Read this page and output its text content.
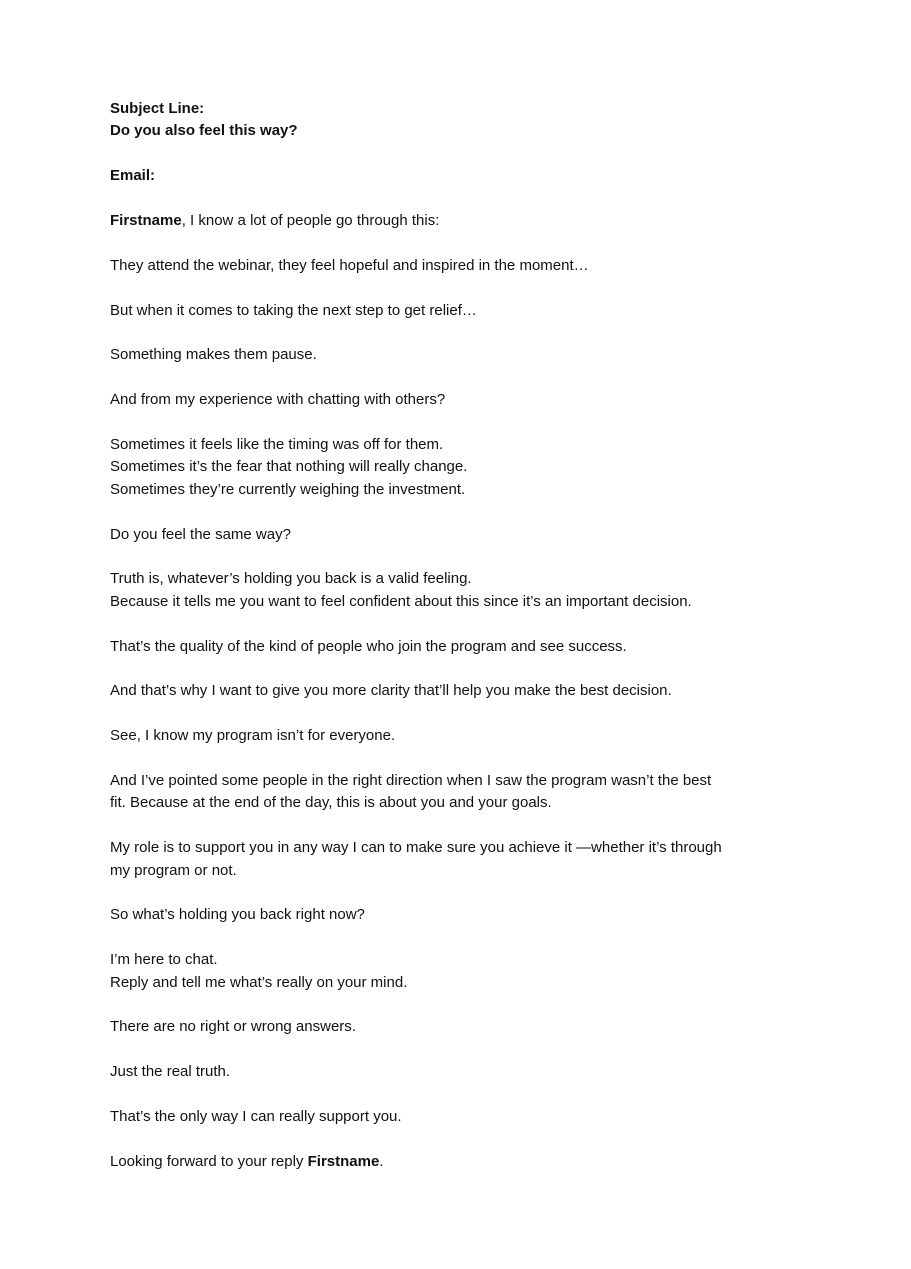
Subject Line:
Do you also feel this way?

Email:

Firstname, I know a lot of people go through this:

They attend the webinar, they feel hopeful and inspired in the moment…

But when it comes to taking the next step to get relief…

Something makes them pause.

And from my experience with chatting with others?

Sometimes it feels like the timing was off for them.
Sometimes it’s the fear that nothing will really change.
Sometimes they’re currently weighing the investment.

Do you feel the same way?

Truth is, whatever’s holding you back is a valid feeling.
Because it tells me you want to feel confident about this since it’s an important decision.

That’s the quality of the kind of people who join the program and see success.

And that’s why I want to give you more clarity that’ll help you make the best decision.

See, I know my program isn’t for everyone.

And I’ve pointed some people in the right direction when I saw the program wasn’t the best
fit. Because at the end of the day, this is about you and your goals.

My role is to support you in any way I can to make sure you achieve it —whether it’s through
my program or not.

So what’s holding you back right now?

I’m here to chat.
Reply and tell me what’s really on your mind.

There are no right or wrong answers.

Just the real truth.

That’s the only way I can really support you.

Looking forward to your reply Firstname.
